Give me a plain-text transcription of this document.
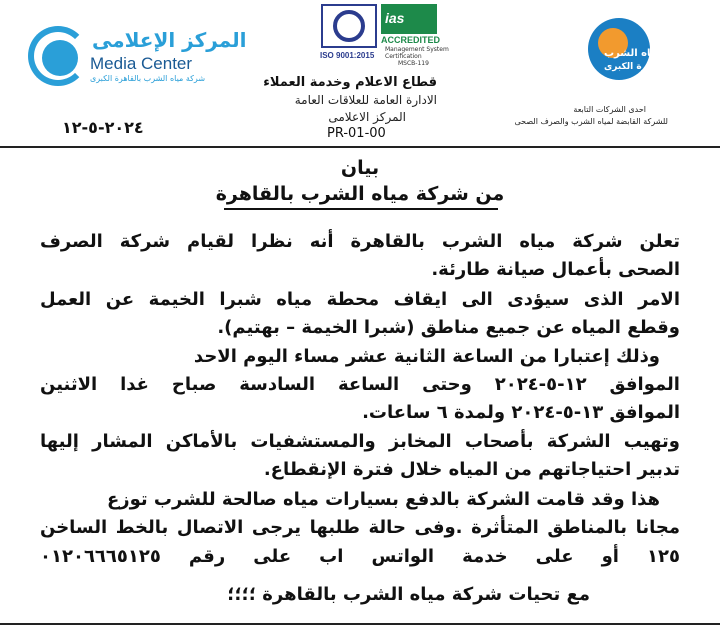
المركز الإعلامى
Media Center
شركة مياه الشرب بالقاهرة الكبرى
ISO 9001:2015
ias
ACCREDITED
Management System
Certification
MSCB-119
قطاع الاعلام وخدمة العملاء
الادارة العامة للعلاقات العامة
المركز الاعلامى
PR-01-00
٢٠٢٤-٥-١٢
شركة مياه الشرب
بالقاهرة الكبرى
احدى الشركات التابعة
للشركة القابضة لمياه الشرب والصرف الصحى
بيان
من شركة مياه الشرب بالقاهرة
تعلن شركة مياه الشرب بالقاهرة أنه نظرا لقيام شركة الصرف
الصحى بأعمال صيانة طارئة.
الامر الذى سيؤدى الى ايقاف محطة مياه شبرا الخيمة عن العمل
وقطع المياه عن جميع مناطق (شبرا الخيمة – بهتيم).
وذلك إعتبارا من الساعة الثانية عشر مساء اليوم الاحد
الموافق ١٢-٥-٢٠٢٤ وحتى الساعة السادسة صباح غدا الاثنين
الموافق ١٣-٥-٢٠٢٤ ولمدة ٦ ساعات.
وتهيب الشركة بأصحاب المخابز والمستشفيات بالأماكن المشار إليها
تدبير احتياجاتهم من المياه خلال فترة الإنقطاع.
هذا وقد قامت الشركة بالدفع بسيارات مياه صالحة للشرب توزع
مجانا بالمناطق المتأثرة .وفى حالة طلبها يرجى الاتصال بالخط الساخن
١٢٥ أو على خدمة الواتس اب على رقم ٠١٢٠٦٦٦٥١٢٥
مع تحيات شركة مياه الشرب بالقاهرة ؛؛؛؛
